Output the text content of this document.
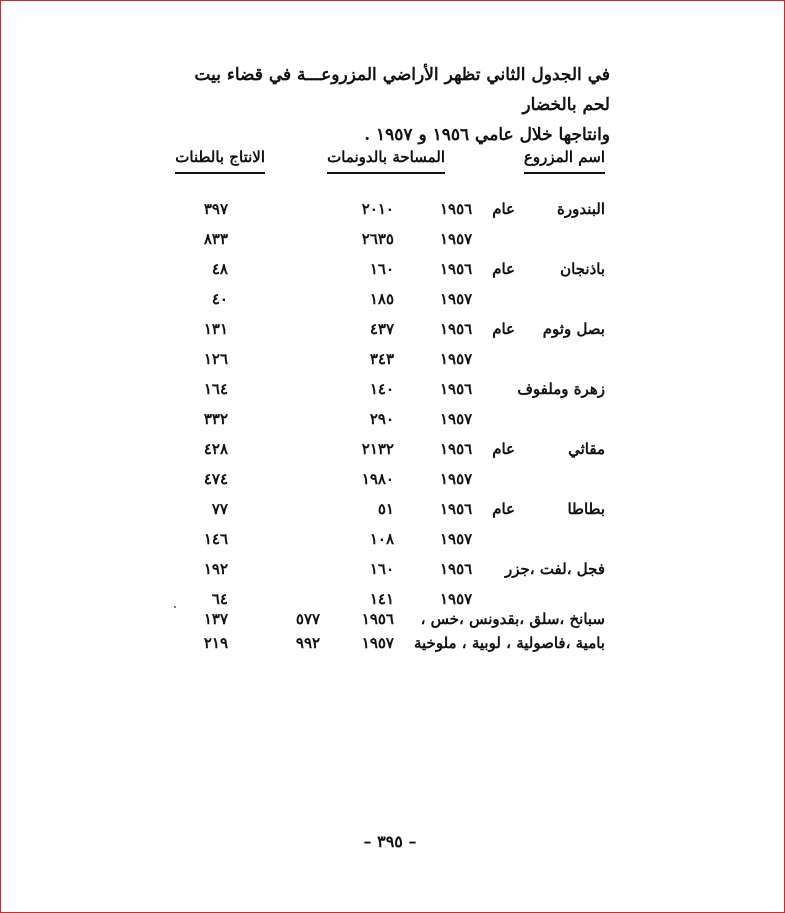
في الجدول الثاني تظهر الأراضي المزروعـــة في قضاء بيت لحم بالخضار
وانتاجها خلال عامي ١٩٥٦ و ١٩٥٧ .
اسم المزروع
المساحة بالدونمات
الانتاج بالطنات
البندورة
عام
١٩٥٦
٢٠١٠
٣٩٧
١٩٥٧
٢٦٣٥
٨٣٣
باذنجان
عام
١٩٥٦
١٦٠
٤٨
١٩٥٧
١٨٥
٤٠
بصل وثوم
عام
١٩٥٦
٤٣٧
١٣١
١٩٥٧
٣٤٣
١٢٦
زهرة وملفوف
١٩٥٦
١٤٠
١٦٤
١٩٥٧
٢٩٠
٣٣٢
مقاثي
عام
١٩٥٦
٢١٣٢
٤٢٨
١٩٥٧
١٩٨٠
٤٧٤
بطاطا
عام
١٩٥٦
٥١
٧٧
١٩٥٧
١٠٨
١٤٦
فجل ،لفت ،جزر
١٩٥٦
١٦٠
١٩٢
١٩٥٧
١٤١
٦٤
سبانخ ،سلق ،بقدونس ،خس ،
١٩٥٦
٥٧٧
١٣٧
بامية ،فاصولية ، لوبية ، ملوخية
١٩٥٧
٩٩٢
٢١٩
– ٣٩٥ –
